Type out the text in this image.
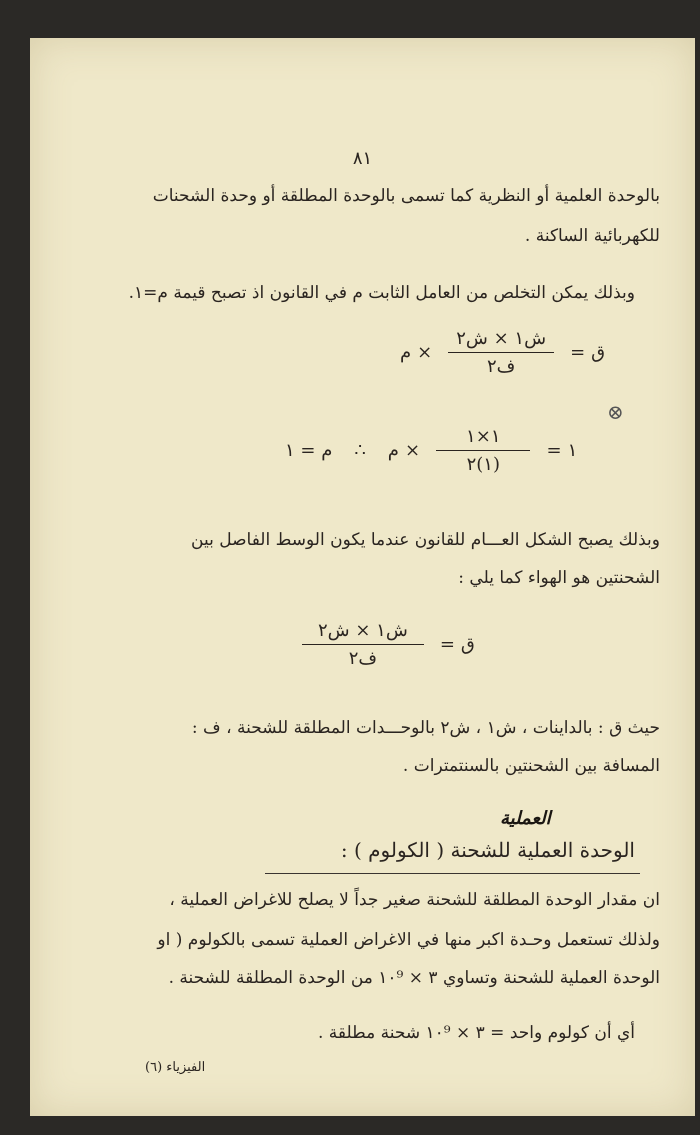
٨١
بالوحدة العلمية أو النظرية كما تسمى بالوحدة المطلقة أو وحدة الشحنات
للكهربائية الساكنة .
وبذلك يمكن التخلص من العامل الثابت م في القانون اذ تصبح قيمة م=١.
م × $\frac{\text{ش١ × ش٢}}{\text{ف٢}}$ = ق
⊗
م = ١ ∴ م × $\frac{١\times ١}{(١)٢}$ = ١
وبذلك يصبح الشكل العـــام للقانون عندما يكون الوسط الفاصل بين
الشحنتين هو الهواء كما يلي :
$\frac{\text{ش١ × ش٢}}{\text{ف٢}}$ = ق
حيث ق : بالداينات ، ش١ ، ش٢ بالوحـــدات المطلقة للشحنة ، ف :
المسافة بين الشحنتين بالسنتمترات .
العملية
الوحدة العملية للشحنة ( الكولوم ) :
ان مقدار الوحدة المطلقة للشحنة صغير جداً لا يصلح للاغراض العملية ،
ولذلك تستعمل وحـدة اكبر منها في الاغراض العملية تسمى بالكولوم ( او
الوحدة العملية للشحنة وتساوي ٣ × ١٠⁹ من الوحدة المطلقة للشحنة .
أي أن كولوم واحد = ٣ × ١٠⁹ شحنة مطلقة .
الفيزياء (٦)
